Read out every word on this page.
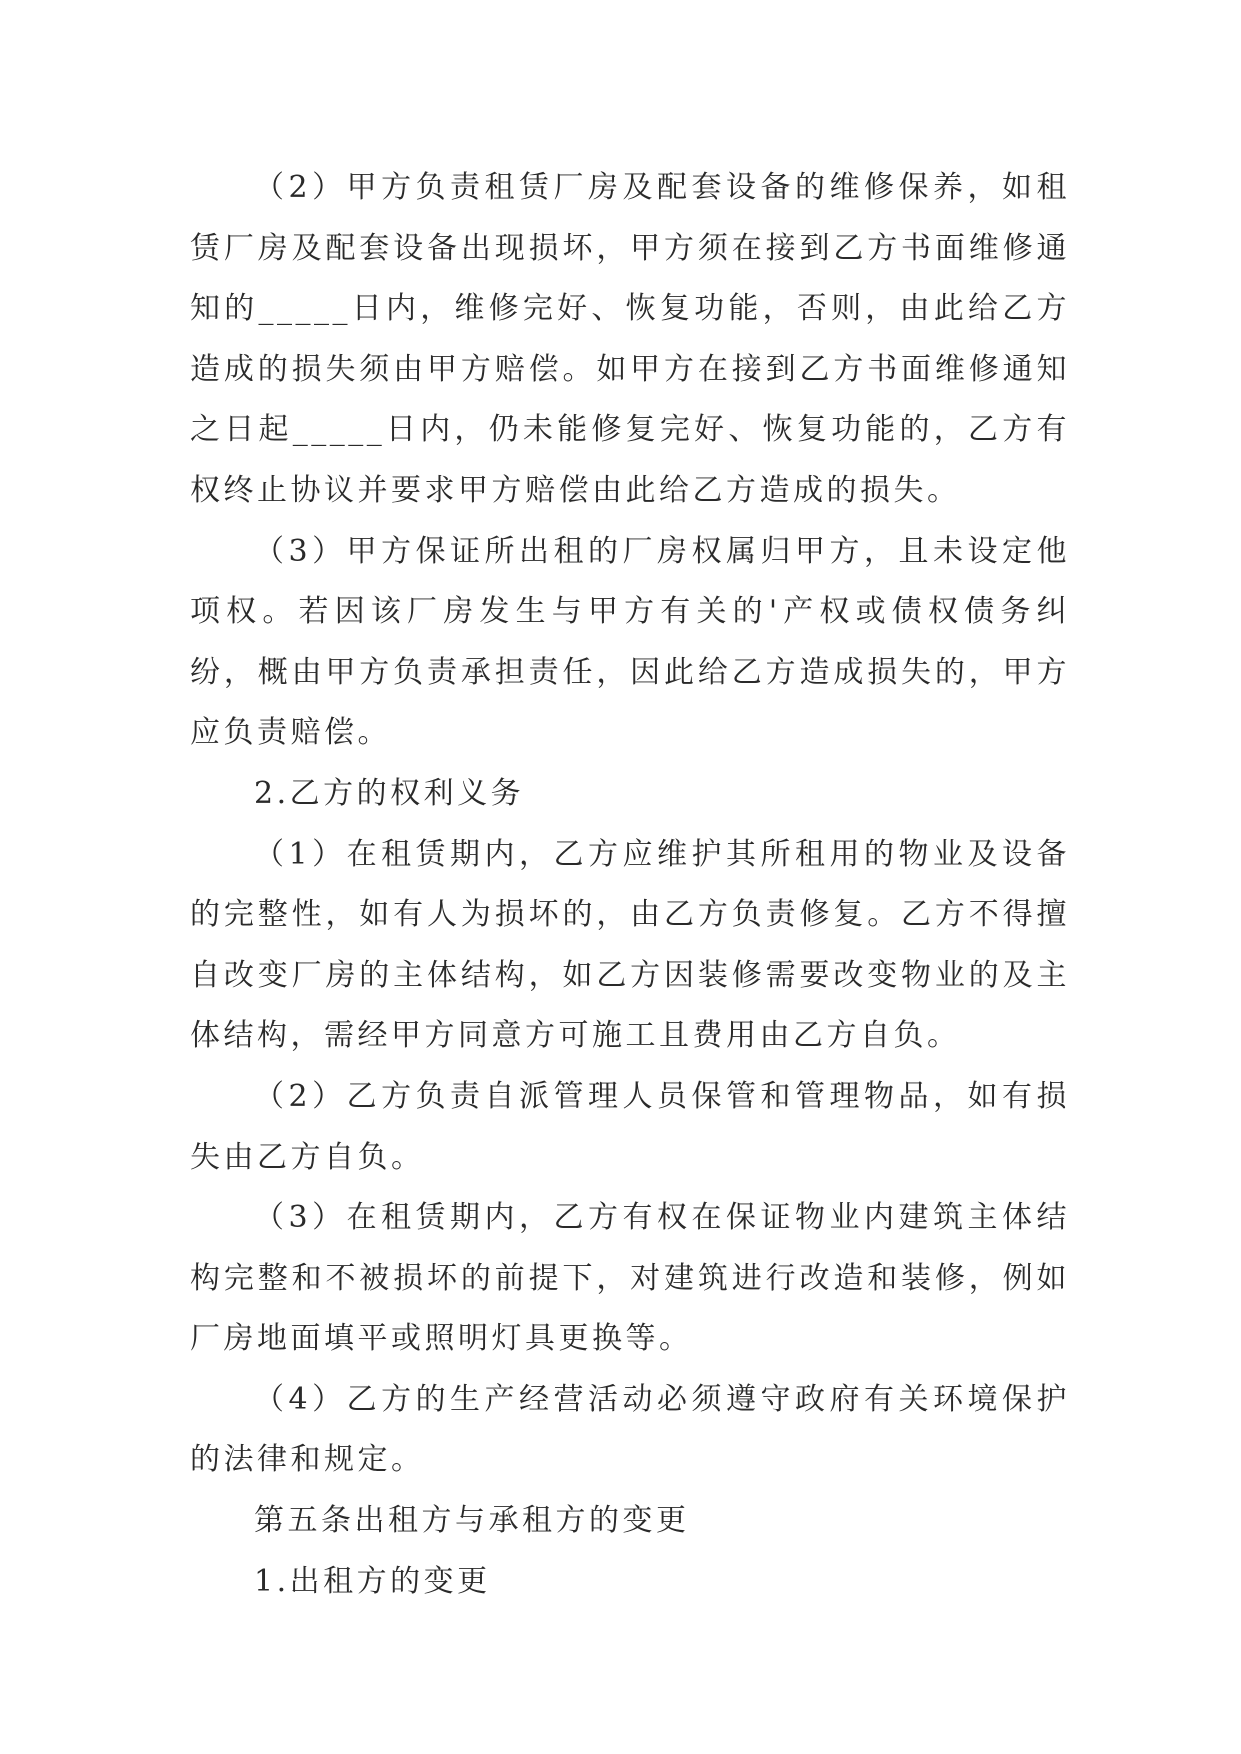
（2）甲方负责租赁厂房及配套设备的维修保养，如租赁厂房及配套设备出现损坏，甲方须在接到乙方书面维修通知的_____日内，维修完好、恢复功能，否则，由此给乙方造成的损失须由甲方赔偿。如甲方在接到乙方书面维修通知之日起_____日内，仍未能修复完好、恢复功能的，乙方有权终止协议并要求甲方赔偿由此给乙方造成的损失。

（3）甲方保证所出租的厂房权属归甲方，且未设定他项权。若因该厂房发生与甲方有关的'产权或债权债务纠纷，概由甲方负责承担责任，因此给乙方造成损失的，甲方应负责赔偿。

2.乙方的权利义务

（1）在租赁期内，乙方应维护其所租用的物业及设备的完整性，如有人为损坏的，由乙方负责修复。乙方不得擅自改变厂房的主体结构，如乙方因装修需要改变物业的及主体结构，需经甲方同意方可施工且费用由乙方自负。

（2）乙方负责自派管理人员保管和管理物品，如有损失由乙方自负。

（3）在租赁期内，乙方有权在保证物业内建筑主体结构完整和不被损坏的前提下，对建筑进行改造和装修，例如厂房地面填平或照明灯具更换等。

（4）乙方的生产经营活动必须遵守政府有关环境保护的法律和规定。

第五条出租方与承租方的变更

1.出租方的变更
